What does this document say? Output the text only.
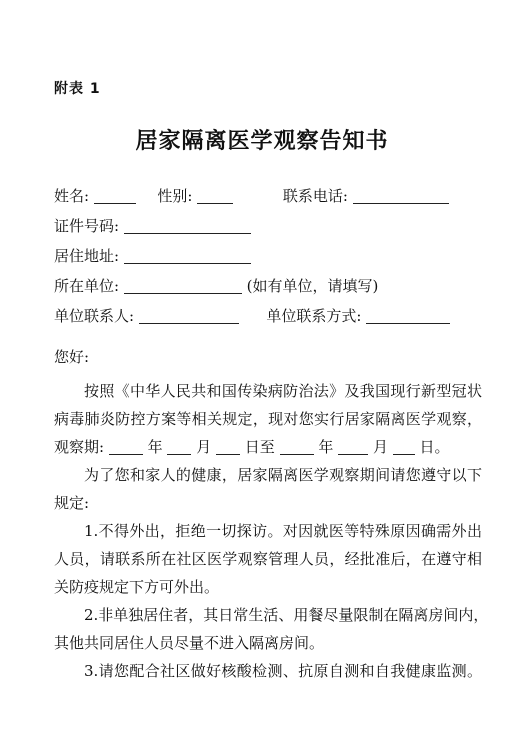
附表 1
居家隔离医学观察告知书
姓名:	性别:	联系电话:
证件号码:
居住地址:
所在单位:	(如有单位，请填写)
单位联系人:	单位联系方式:
您好:
按照《中华人民共和国传染病防治法》及我国现行新型冠状
病毒肺炎防控方案等相关规定，现对您实行居家隔离医学观察，
观察期:	年 月 日至	年	月 日。
为了您和家人的健康，居家隔离医学观察期间请您遵守以下
规定:
1.不得外出，拒绝一切探访。对因就医等特殊原因确需外出
人员，请联系所在社区医学观察管理人员，经批准后，在遵守相
关防疫规定下方可外出。
2.非单独居住者，其日常生活、用餐尽量限制在隔离房间内，
其他共同居住人员尽量不进入隔离房间。
3.请您配合社区做好核酸检测、抗原自测和自我健康监测。
